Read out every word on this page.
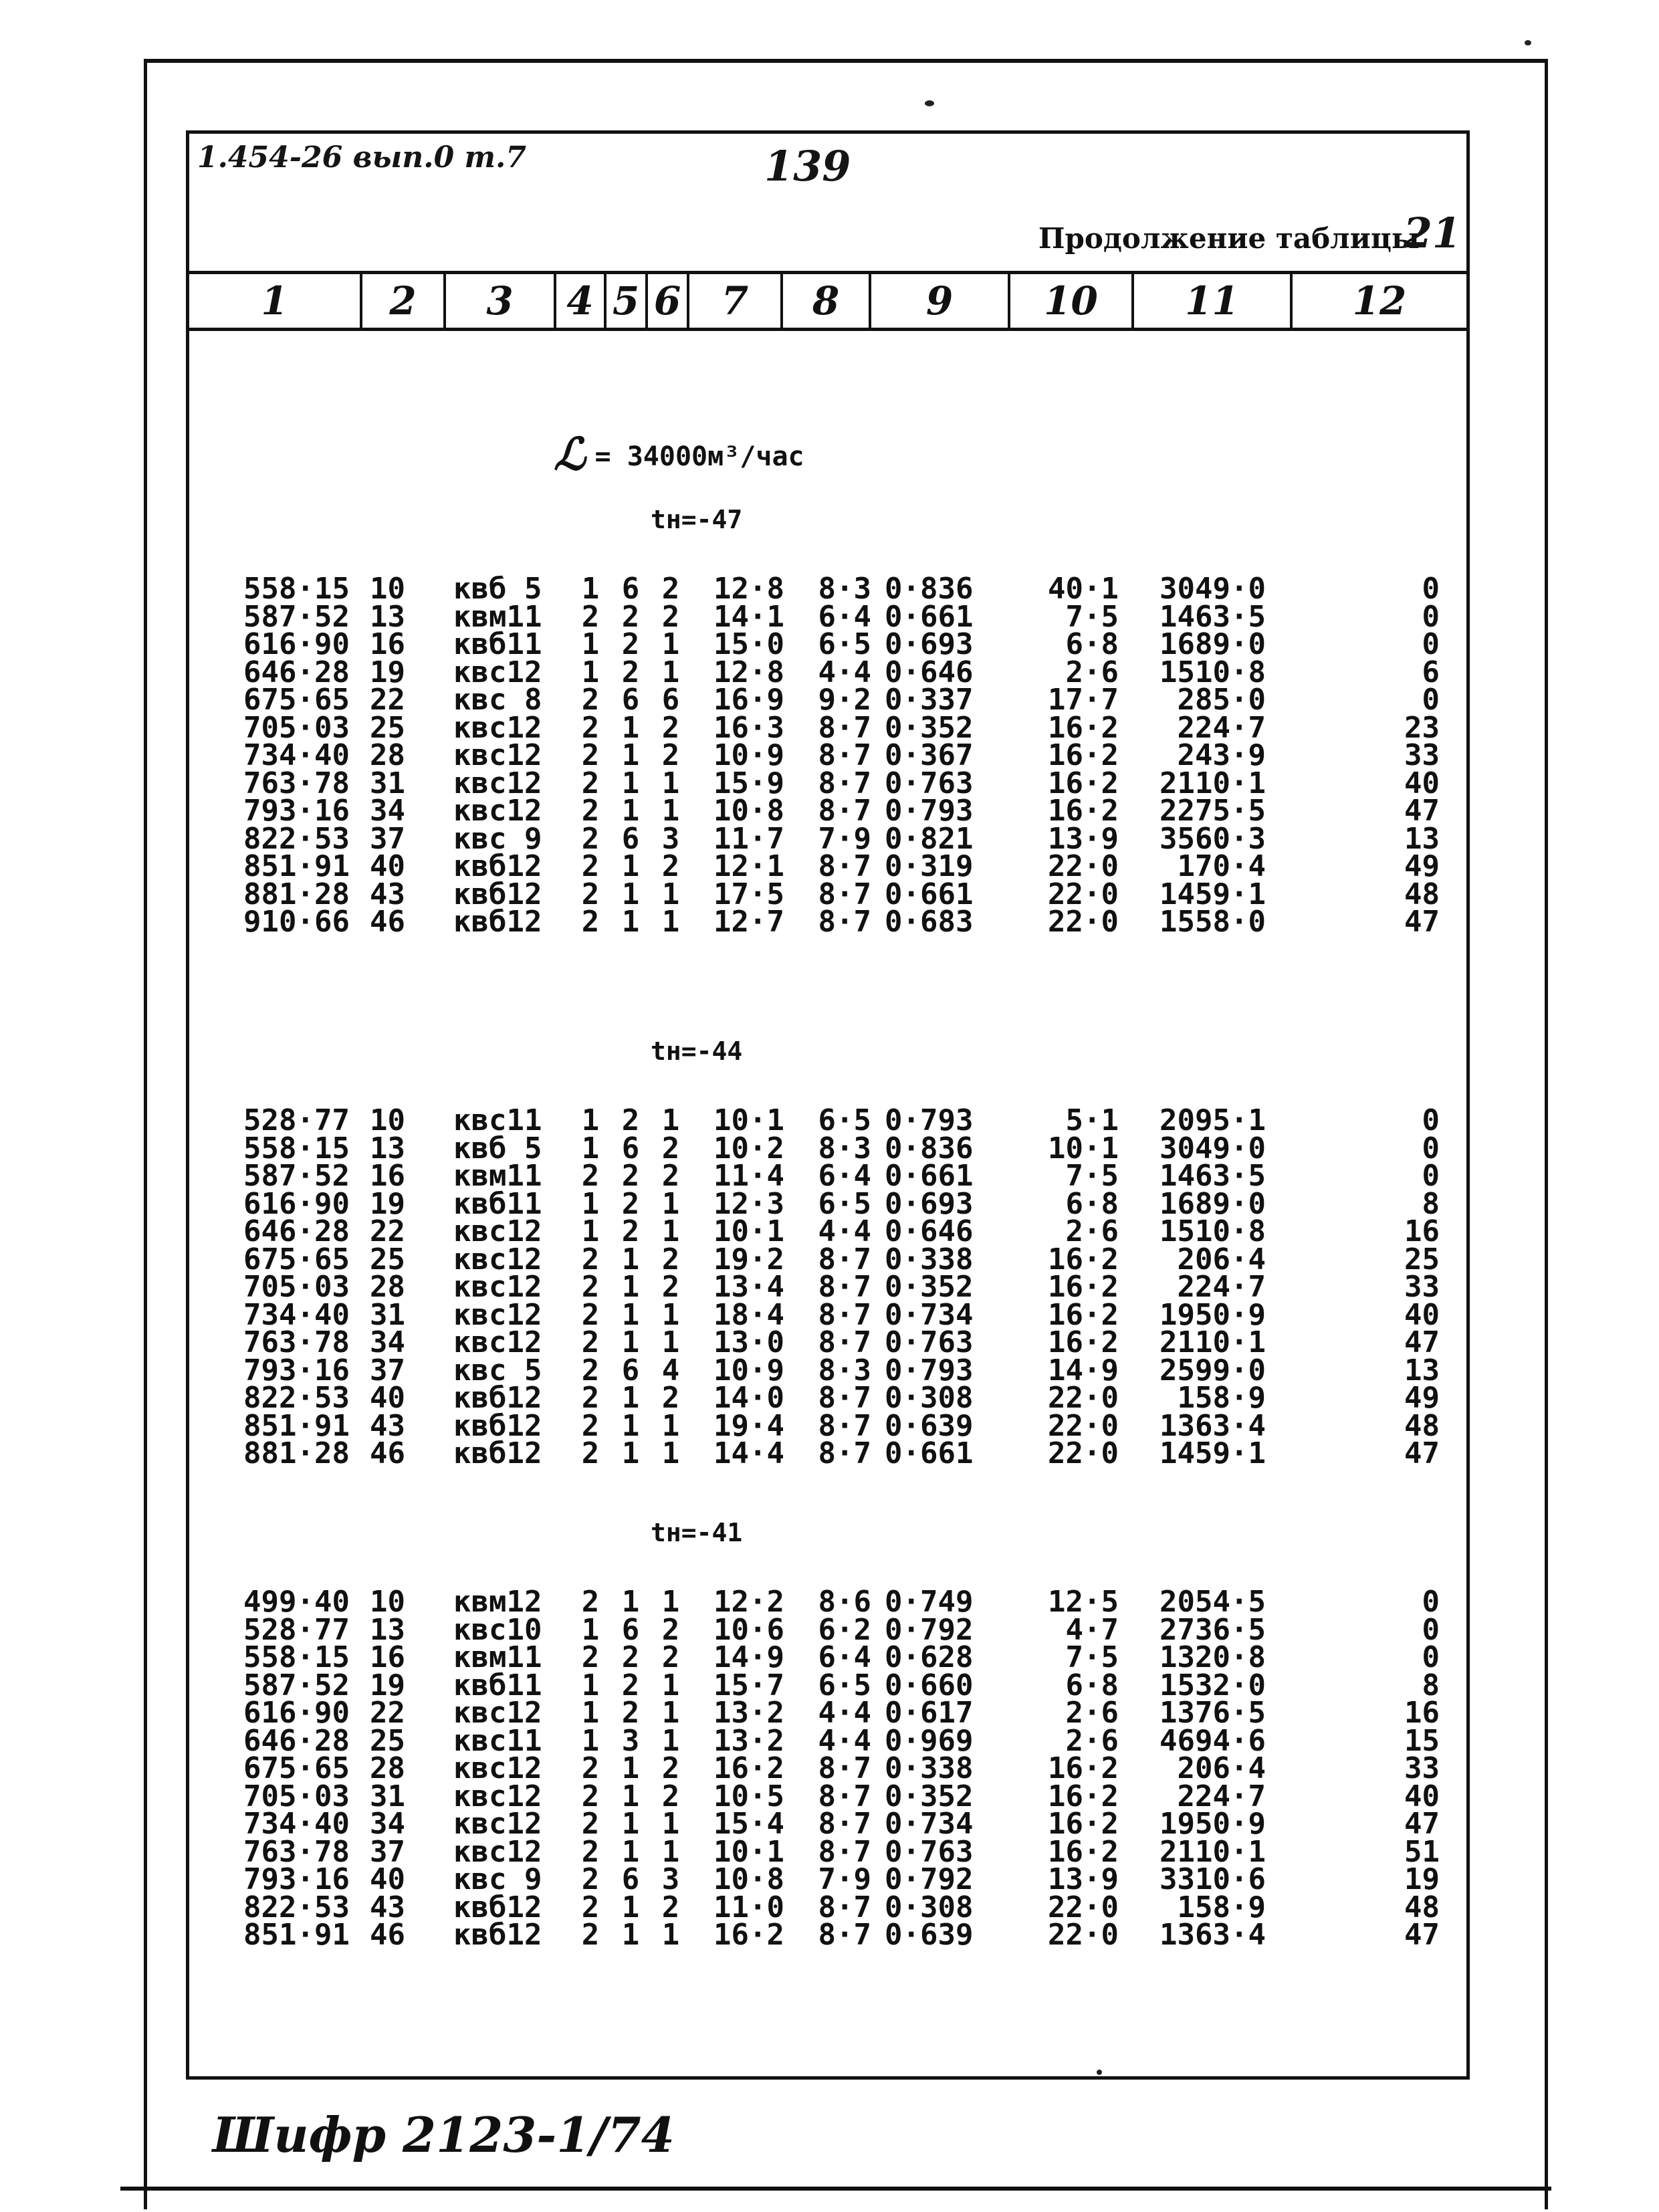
1.454-26 вып.0 т.7	139
Продолжение таблицы
21
1	2	3	4 5 6	7	8	9	10	11	12
ℒ = 34000м³/час
tн=-47
558·15 10	квб 5	1 6 2	12·8	8·3 0·836	40·1	3049·0	0
587·52 13	квм11	2 2 2	14·1	6·4 0·661	7·5	1463·5	0
616·90 16	квб11	1 2 1	15·0	6·5 0·693	6·8	1689·0	0
646·28 19	квс12	1 2 1	12·8	4·4 0·646	2·6	1510·8	6
675·65 22	квс 8	2 6 6	16·9	9·2 0·337	17·7	285·0	0
705·03 25	квс12	2 1 2	16·3	8·7 0·352	16·2	224·7	23
734·40 28	квс12	2 1 2	10·9	8·7 0·367	16·2	243·9	33
763·78 31	квс12	2 1 1	15·9	8·7 0·763	16·2	2110·1	40
793·16 34	квс12	2 1 1	10·8	8·7 0·793	16·2	2275·5	47
822·53 37	квс 9	2 6 3	11·7	7·9 0·821	13·9	3560·3	13
851·91 40	квб12	2 1 2	12·1	8·7 0·319	22·0	170·4	49
881·28 43	квб12	2 1 1	17·5	8·7 0·661	22·0	1459·1	48
910·66 46	квб12	2 1 1	12·7	8·7 0·683	22·0	1558·0	47
tн=-44
528·77 10	квс11	1 2 1	10·1	6·5 0·793	5·1	2095·1	0
558·15 13	квб 5	1 6 2	10·2	8·3 0·836	10·1	3049·0	0
587·52 16	квм11	2 2 2	11·4	6·4 0·661	7·5	1463·5	0
616·90 19	квб11	1 2 1	12·3	6·5 0·693	6·8	1689·0	8
646·28 22	квс12	1 2 1	10·1	4·4 0·646	2·6	1510·8	16
675·65 25	квс12	2 1 2	19·2	8·7 0·338	16·2	206·4	25
705·03 28	квс12	2 1 2	13·4	8·7 0·352	16·2	224·7	33
734·40 31	квс12	2 1 1	18·4	8·7 0·734	16·2	1950·9	40
763·78 34	квс12	2 1 1	13·0	8·7 0·763	16·2	2110·1	47
793·16 37	квс 5	2 6 4	10·9	8·3 0·793	14·9	2599·0	13
822·53 40	квб12	2 1 2	14·0	8·7 0·308	22·0	158·9	49
851·91 43	квб12	2 1 1	19·4	8·7 0·639	22·0	1363·4	48
881·28 46	квб12	2 1 1	14·4	8·7 0·661	22·0	1459·1	47
tн=-41
499·40 10	квм12	2 1 1	12·2	8·6 0·749	12·5	2054·5	0
528·77 13	квс10	1 6 2	10·6	6·2 0·792	4·7	2736·5	0
558·15 16	квм11	2 2 2	14·9	6·4 0·628	7·5	1320·8	0
587·52 19	квб11	1 2 1	15·7	6·5 0·660	6·8	1532·0	8
616·90 22	квс12	1 2 1	13·2	4·4 0·617	2·6	1376·5	16
646·28 25	квс11	1 3 1	13·2	4·4 0·969	2·6	4694·6	15
675·65 28	квс12	2 1 2	16·2	8·7 0·338	16·2	206·4	33
705·03 31	квс12	2 1 2	10·5	8·7 0·352	16·2	224·7	40
734·40 34	квс12	2 1 1	15·4	8·7 0·734	16·2	1950·9	47
763·78 37	квс12	2 1 1	10·1	8·7 0·763	16·2	2110·1	51
793·16 40	квс 9	2 6 3	10·8	7·9 0·792	13·9	3310·6	19
822·53 43	квб12	2 1 2	11·0	8·7 0·308	22·0	158·9	48
851·91 46	квб12	2 1 1	16·2	8·7 0·639	22·0	1363·4	47
Шифр 2123-1/74
